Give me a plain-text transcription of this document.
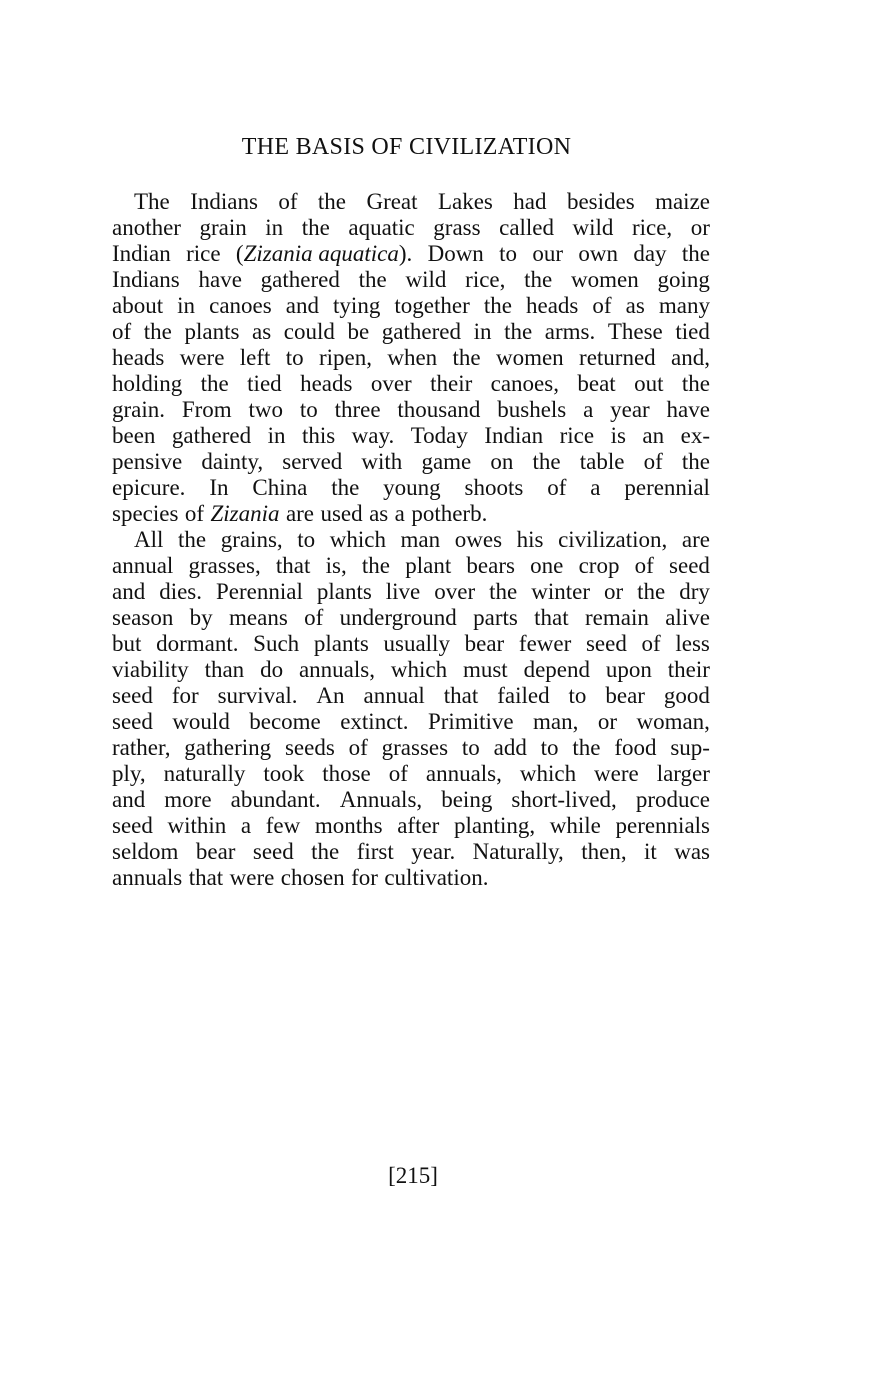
THE BASIS OF CIVILIZATION
The Indians of the Great Lakes had besides maize
another grain in the aquatic grass called wild rice, or
Indian rice (Zizania aquatica). Down to our own day the
Indians have gathered the wild rice, the women going
about in canoes and tying together the heads of as many
of the plants as could be gathered in the arms. These tied
heads were left to ripen, when the women returned and,
holding the tied heads over their canoes, beat out the
grain. From two to three thousand bushels a year have
been gathered in this way. Today Indian rice is an ex-
pensive dainty, served with game on the table of the
epicure. In China the young shoots of a perennial
species of Zizania are used as a potherb.
All the grains, to which man owes his civilization, are
annual grasses, that is, the plant bears one crop of seed
and dies. Perennial plants live over the winter or the dry
season by means of underground parts that remain alive
but dormant. Such plants usually bear fewer seed of less
viability than do annuals, which must depend upon their
seed for survival. An annual that failed to bear good
seed would become extinct. Primitive man, or woman,
rather, gathering seeds of grasses to add to the food sup-
ply, naturally took those of annuals, which were larger
and more abundant. Annuals, being short-lived, produce
seed within a few months after planting, while perennials
seldom bear seed the first year. Naturally, then, it was
annuals that were chosen for cultivation.
[215]
